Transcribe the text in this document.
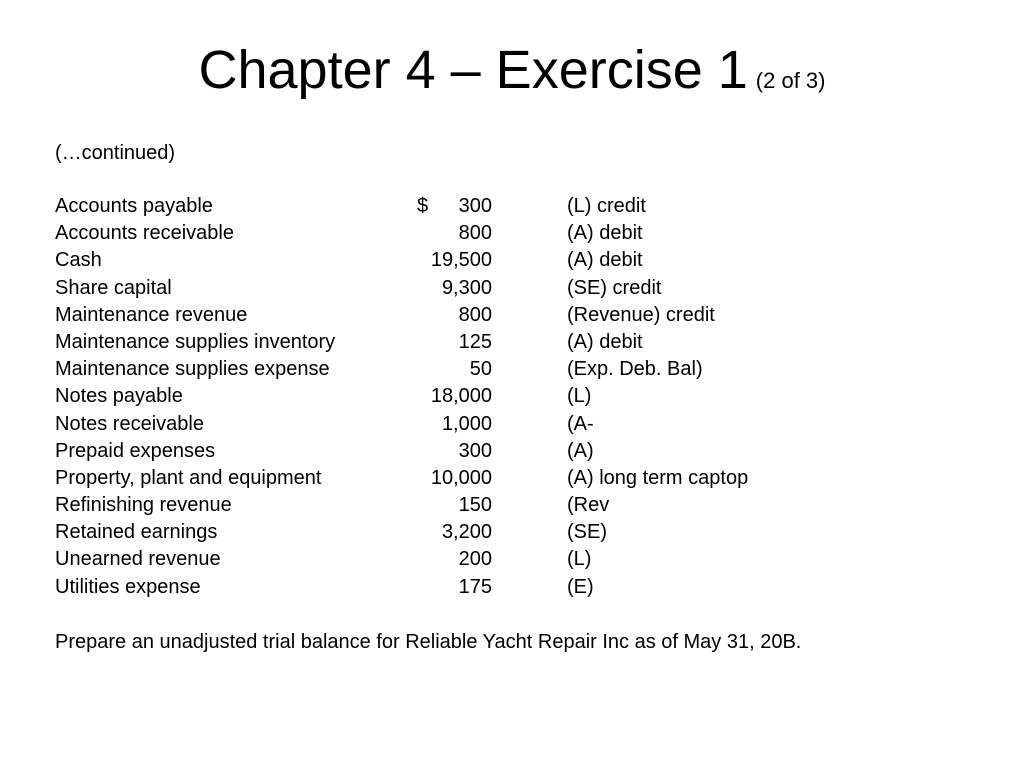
Chapter 4 – Exercise 1 (2 of 3)
(…continued)
Accounts payable	$	300	(L) credit
Accounts receivable	800	(A) debit
Cash	19,500	(A) debit
Share capital	9,300	(SE) credit
Maintenance revenue	800	(Revenue) credit
Maintenance supplies inventory	125	(A) debit
Maintenance supplies expense	50	(Exp. Deb. Bal)
Notes payable	18,000	(L)
Notes receivable	1,000	(A-
Prepaid expenses	300	(A)
Property, plant and equipment	10,000	(A) long term captop
Refinishing revenue	150	(Rev
Retained earnings	3,200	(SE)
Unearned revenue	200	(L)
Utilities expense	175	(E)
Prepare an unadjusted trial balance for Reliable Yacht Repair Inc as of May 31, 20B.
